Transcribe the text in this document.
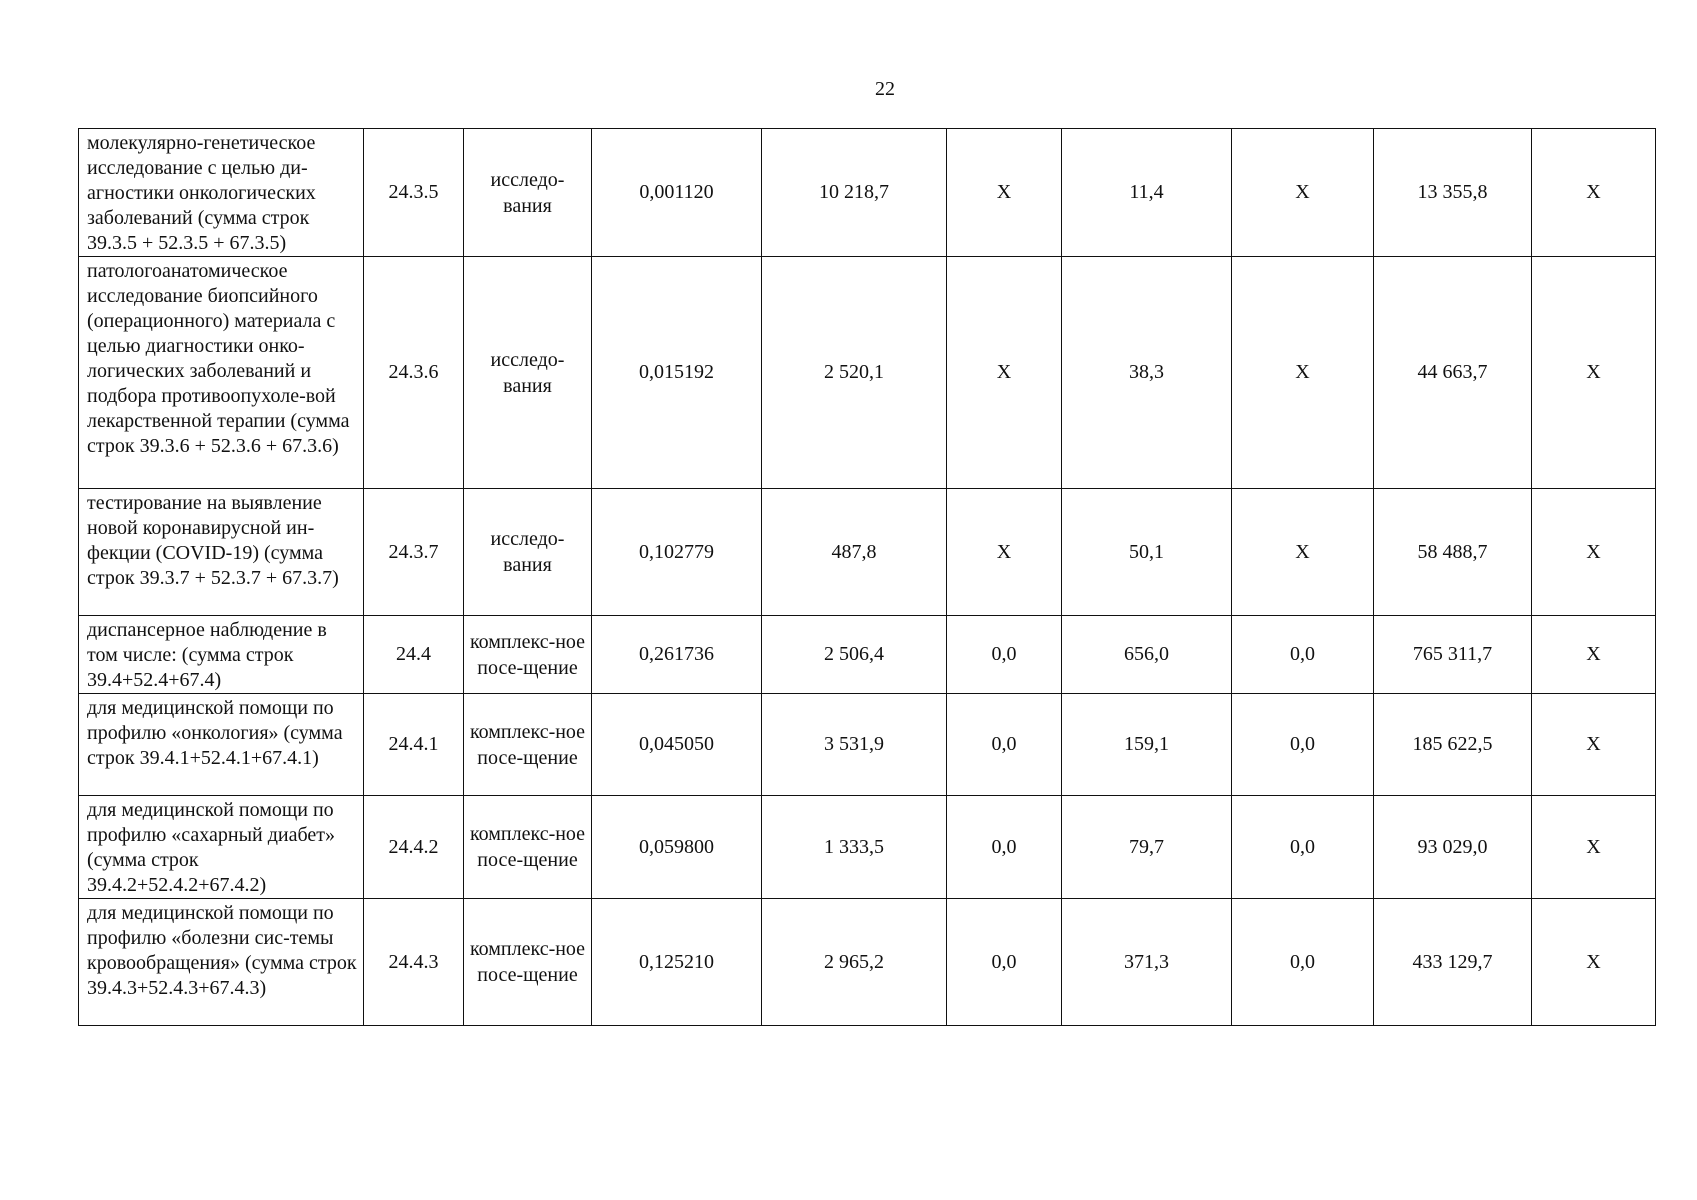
22
молекулярно-генетическое исследование с целью ди-агностики онкологических заболеваний (сумма строк 39.3.5 + 52.3.5 + 67.3.5)	24.3.5	исследо-вания	0,001120	10 218,7	Х	11,4	Х	13 355,8	Х
патологоанатомическое исследование биопсийного (операционного) материала с целью диагностики онко-логических заболеваний и подбора противоопухоле-вой лекарственной терапии (сумма строк 39.3.6 + 52.3.6 + 67.3.6)	24.3.6	исследо-вания	0,015192	2 520,1	Х	38,3	Х	44 663,7	Х
тестирование на выявление новой коронавирусной ин-фекции (COVID-19) (сумма строк 39.3.7 + 52.3.7 + 67.3.7)	24.3.7	исследо-вания	0,102779	487,8	Х	50,1	Х	58 488,7	Х
диспансерное наблюдение в том числе: (сумма строк 39.4+52.4+67.4)	24.4	комплекс-ное посе-щение	0,261736	2 506,4	0,0	656,0	0,0	765 311,7	Х
для медицинской помощи по профилю «онкология» (сумма строк 39.4.1+52.4.1+67.4.1)	24.4.1	комплекс-ное посе-щение	0,045050	3 531,9	0,0	159,1	0,0	185 622,5	Х
для медицинской помощи по профилю «сахарный диабет» (сумма строк 39.4.2+52.4.2+67.4.2)	24.4.2	комплекс-ное посе-щение	0,059800	1 333,5	0,0	79,7	0,0	93 029,0	Х
для медицинской помощи по профилю «болезни сис-темы кровообращения» (сумма строк 39.4.3+52.4.3+67.4.3)	24.4.3	комплекс-ное посе-щение	0,125210	2 965,2	0,0	371,3	0,0	433 129,7	Х
